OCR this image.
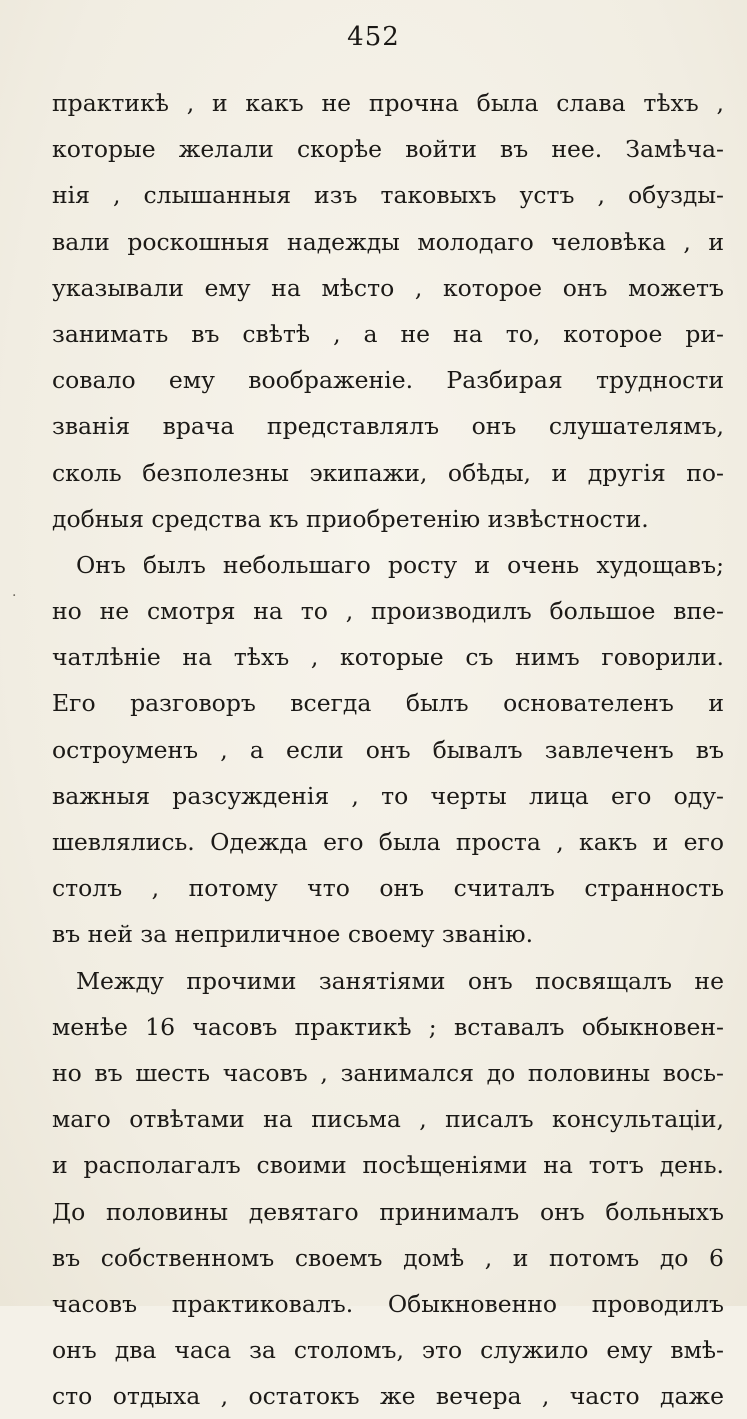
452
·
практикѣ , и какъ не прочна была слава тѣхъ ,
которые желали скорѣе войти въ нее. Замѣча-
нія , слышанныя изъ таковыхъ устъ , обузды-
вали роскошныя надежды молодаго человѣка , и
указывали ему на мѣсто , которое онъ можетъ
занимать въ свѣтѣ , а не на то, которое ри-
совало ему воображеніе. Разбирая трудности
званія врача представлялъ онъ слушателямъ,
сколь безполезны экипажи, обѣды, и другія по-
добныя средства къ приобретенію извѣстности.
Онъ былъ небольшаго росту и очень худощавъ;
но не смотря на то , производилъ большое впе-
чатлѣніе на тѣхъ , которые съ нимъ говорили.
Его разговоръ всегда былъ основателенъ и
остроуменъ , а если онъ бывалъ завлеченъ въ
важныя разсужденія , то черты лица его оду-
шевлялись. Одежда его была проста , какъ и его
столъ , потому что онъ считалъ странность
въ ней за неприличное своему званію.
Между прочими занятіями онъ посвящалъ не
менѣе 16 часовъ практикѣ ; вставалъ обыкновен-
но въ шесть часовъ , занимался до половины вось-
маго отвѣтами на письма , писалъ консультаціи,
и располагалъ своими посѣщеніями на тотъ день.
До половины девятаго принималъ онъ больныхъ
въ собственномъ своемъ домѣ , и потомъ до 6
часовъ практиковалъ. Обыкновенно проводилъ
онъ два часа за столомъ, это служило ему вмѣ-
сто отдыха , остатокъ же вечера , часто даже
